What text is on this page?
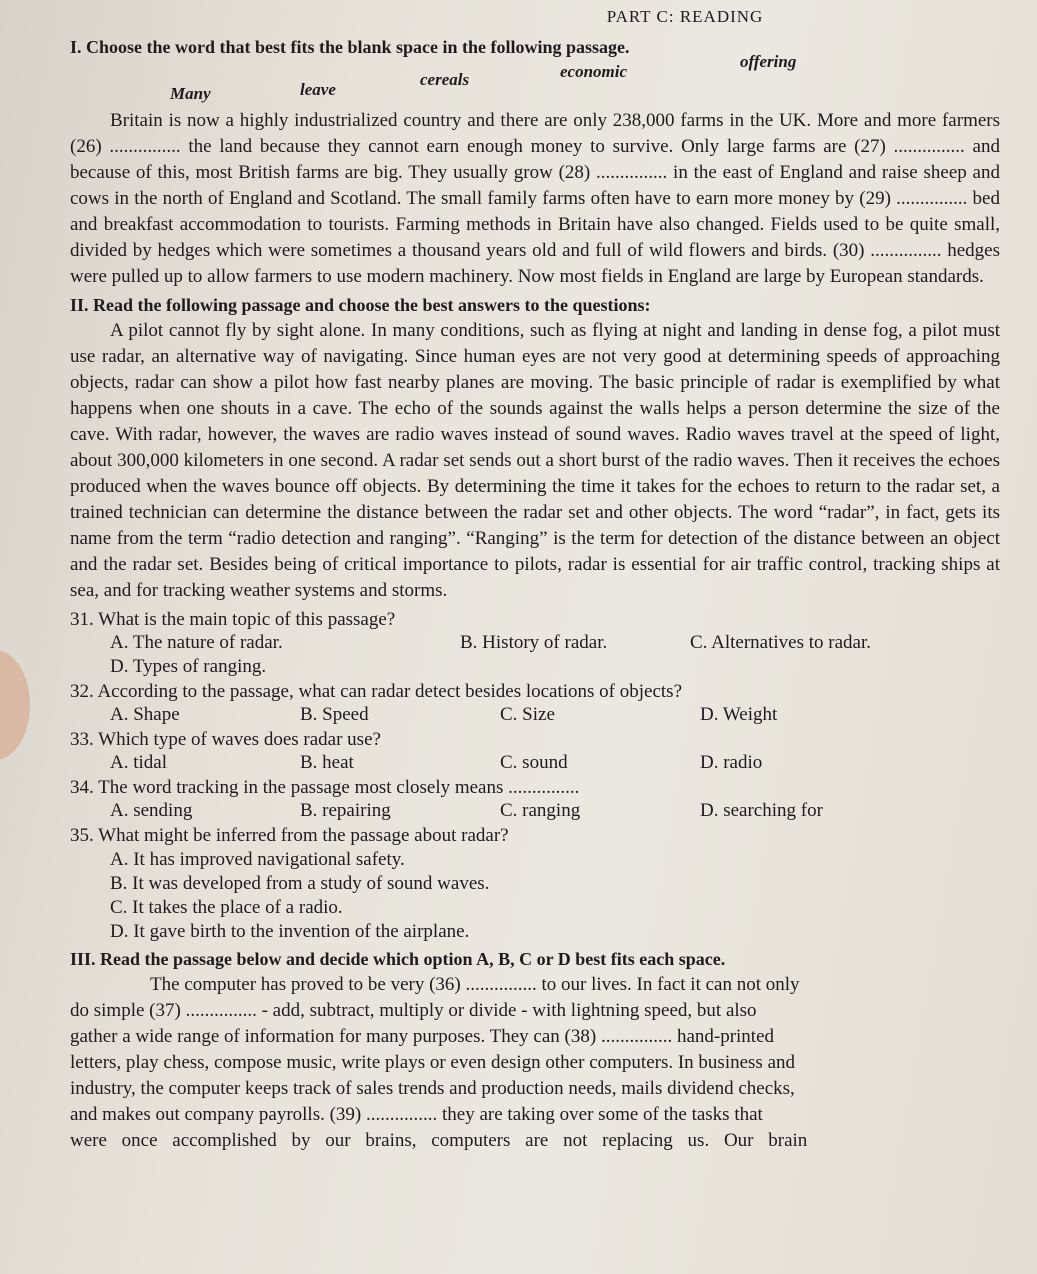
PART C: READING
I. Choose the word that best fits the blank space in the following passage.
Many	leave
cereals	economic
offering
Britain is now a highly industrialized country and there are only 238,000 farms in the UK. More and more farmers (26) ............... the land because they cannot earn enough money to survive. Only large farms are (27) ............... and because of this, most British farms are big. They usually grow (28) ............... in the east of England and raise sheep and cows in the north of England and Scotland. The small family farms often have to earn more money by (29) ............... bed and breakfast accommodation to tourists. Farming methods in Britain have also changed. Fields used to be quite small, divided by hedges which were sometimes a thousand years old and full of wild flowers and birds. (30) ............... hedges were pulled up to allow farmers to use modern machinery. Now most fields in England are large by European standards.
II. Read the following passage and choose the best answers to the questions:
A pilot cannot fly by sight alone. In many conditions, such as flying at night and landing in dense fog, a pilot must use radar, an alternative way of navigating. Since human eyes are not very good at determining speeds of approaching objects, radar can show a pilot how fast nearby planes are moving. The basic principle of radar is exemplified by what happens when one shouts in a cave. The echo of the sounds against the walls helps a person determine the size of the cave. With radar, however, the waves are radio waves instead of sound waves. Radio waves travel at the speed of light, about 300,000 kilometers in one second. A radar set sends out a short burst of the radio waves. Then it receives the echoes produced when the waves bounce off objects. By determining the time it takes for the echoes to return to the radar set, a trained technician can determine the distance between the radar set and other objects. The word “radar”, in fact, gets its name from the term “radio detection and ranging”. “Ranging” is the term for detection of the distance between an object and the radar set. Besides being of critical importance to pilots, radar is essential for air traffic control, tracking ships at sea, and for tracking weather systems and storms.
31. What is the main topic of this passage?
A. The nature of radar.	B. History of radar.	C. Alternatives to radar.
D. Types of ranging.
32. According to the passage, what can radar detect besides locations of objects?
A. Shape	B. Speed	C. Size	D. Weight
33. Which type of waves does radar use?
A. tidal	B. heat	C. sound	D. radio
34. The word tracking in the passage most closely means ...............
A. sending	B. repairing	C. ranging	D. searching for
35. What might be inferred from the passage about radar?
A. It has improved navigational safety.
B. It was developed from a study of sound waves.
C. It takes the place of a radio.
D. It gave birth to the invention of the airplane.
III. Read the passage below and decide which option A, B, C or D best fits each space.
The computer has proved to be very (36) ............... to our lives. In fact it can not only
do simple (37) ............... - add, subtract, multiply or divide - with lightning speed, but also
gather a wide range of information for many purposes. They can (38) ............... hand-printed
letters, play chess, compose music, write plays or even design other computers. In business and
industry, the computer keeps track of sales trends and production needs, mails dividend checks,
and makes out company payrolls. (39) ............... they are taking over some of the tasks that
were once accomplished by our brains, computers are not replacing us. Our brain
